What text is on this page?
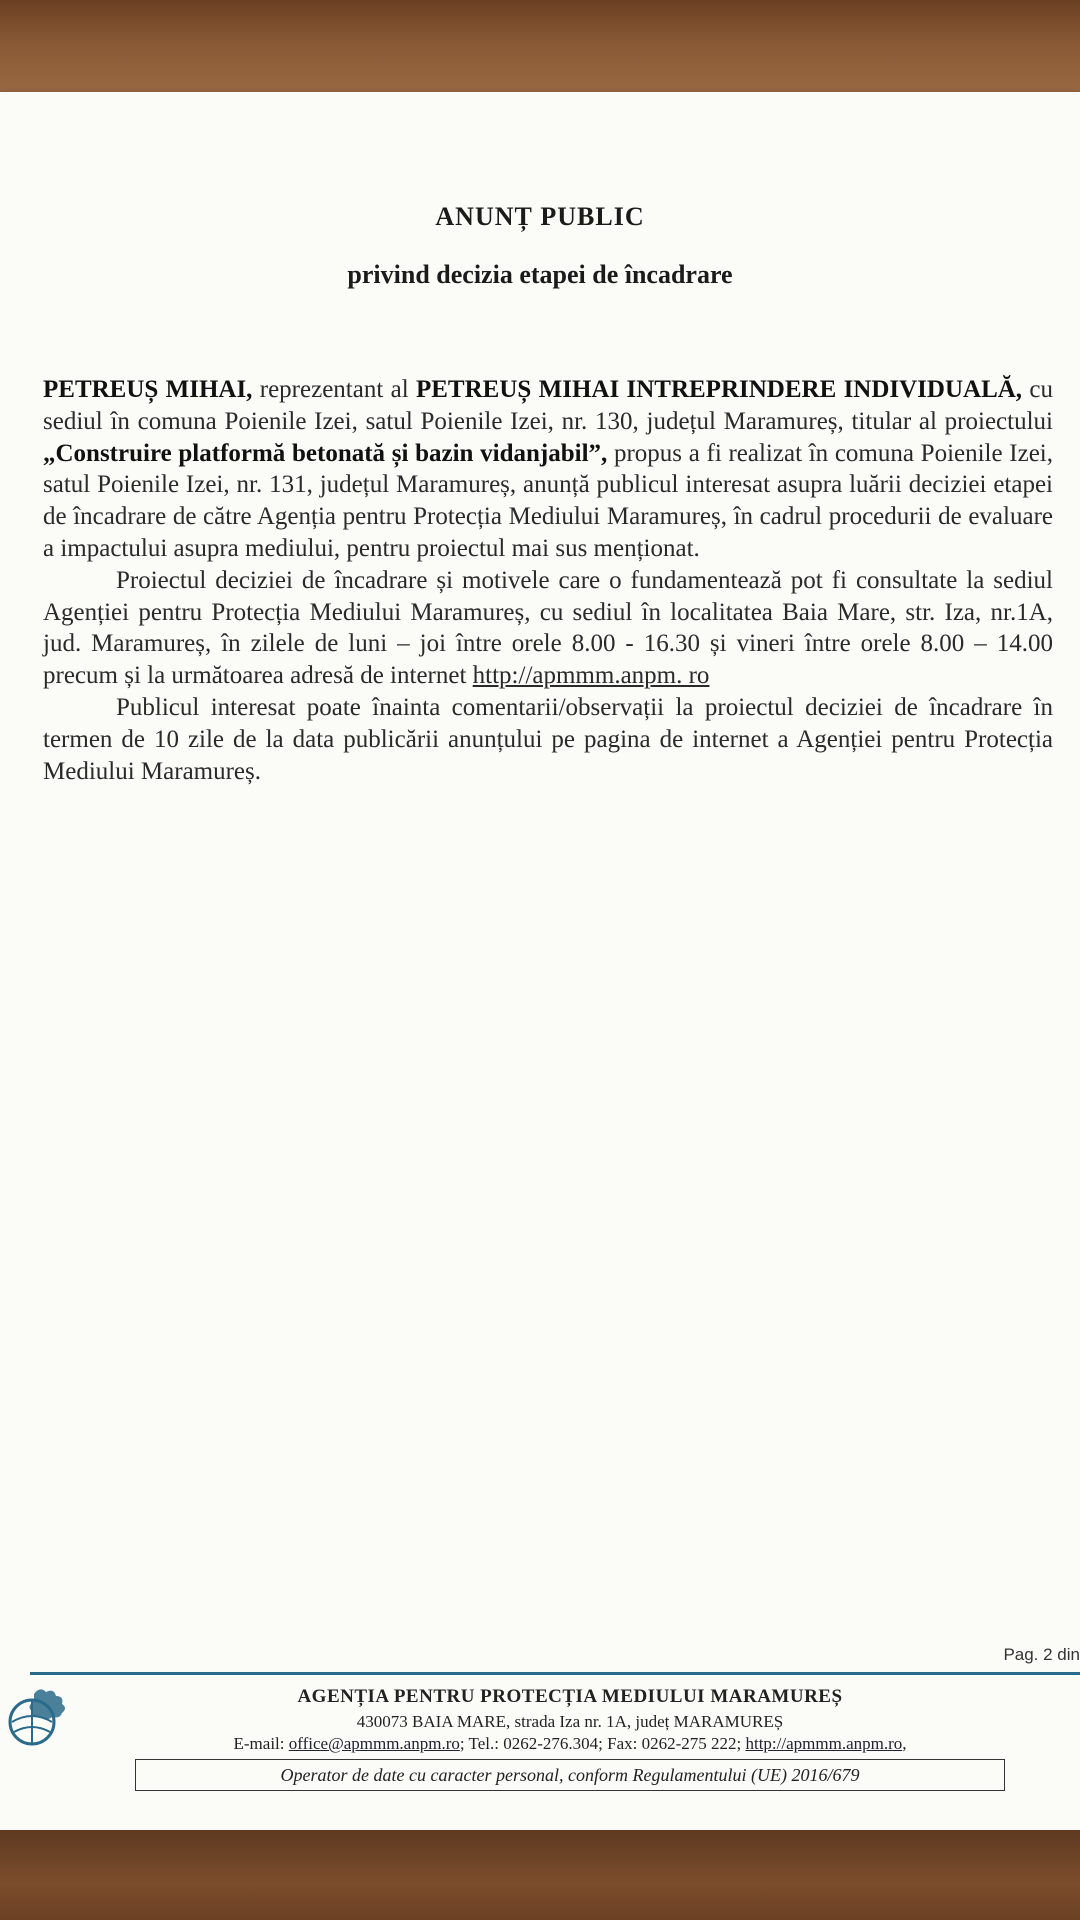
ANUNȚ PUBLIC
privind decizia etapei de încadrare

PETREUȘ MIHAI, reprezentant al PETREUȘ MIHAI INTREPRINDERE INDIVIDUALĂ, cu sediul în comuna Poienile Izei, satul Poienile Izei, nr. 130, județul Maramureș, titular al proiectului „Construire platformă betonată și bazin vidanjabil”, propus a fi realizat în comuna Poienile Izei, satul Poienile Izei, nr. 131, județul Maramureș, anunță publicul interesat asupra luării deciziei etapei de încadrare de către Agenția pentru Protecția Mediului Maramureș, în cadrul procedurii de evaluare a impactului asupra mediului, pentru proiectul mai sus menționat.

Proiectul deciziei de încadrare și motivele care o fundamentează pot fi consultate la sediul Agenției pentru Protecția Mediului Maramureș, cu sediul în localitatea Baia Mare, str. Iza, nr.1A, jud. Maramureș, în zilele de luni – joi între orele 8.00 - 16.30 și vineri între orele 8.00 – 14.00 precum și la următoarea adresă de internet http://apmmm.anpm. ro

Publicul interesat poate înainta comentarii/observații la proiectul deciziei de încadrare în termen de 10 zile de la data publicării anunțului pe pagina de internet a Agenției pentru Protecția Mediului Maramureș.

Pag. 2 din
AGENȚIA PENTRU PROTECȚIA MEDIULUI MARAMUREȘ
430073 BAIA MARE, strada Iza nr. 1A, județ MARAMUREȘ
E-mail: office@apmmm.anpm.ro; Tel.: 0262-276.304; Fax: 0262-275 222; http://apmmm.anpm.ro,
Operator de date cu caracter personal, conform Regulamentului (UE) 2016/679
